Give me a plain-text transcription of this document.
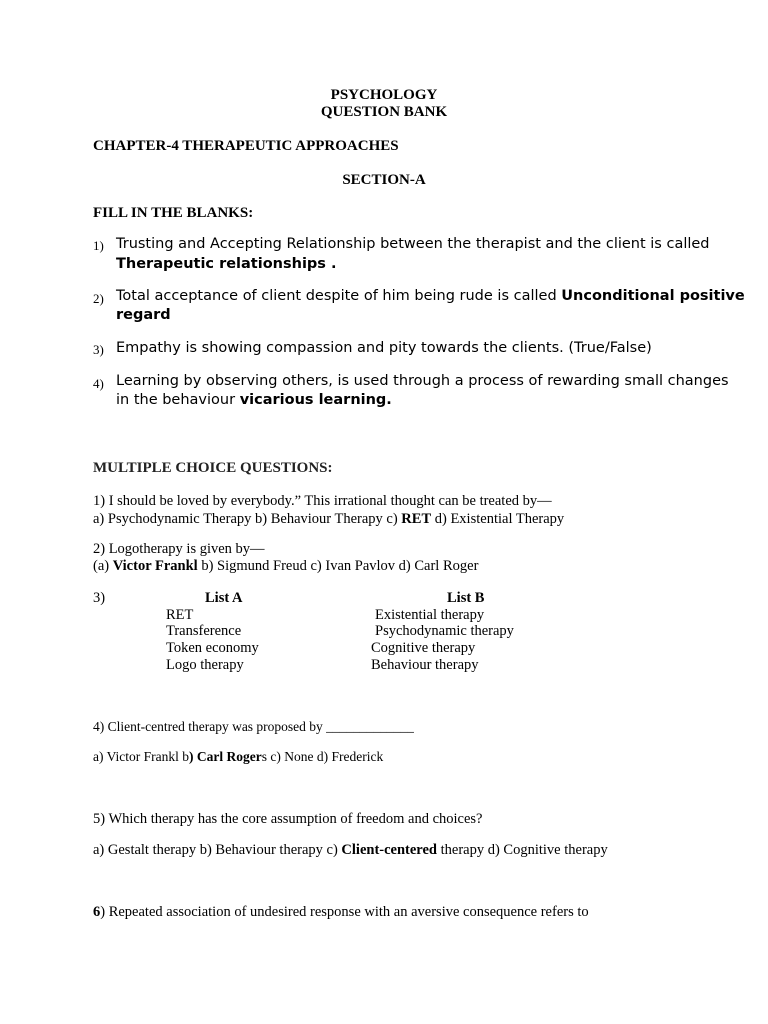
PSYCHOLOGY
QUESTION BANK
CHAPTER-4 THERAPEUTIC APPROACHES
SECTION-A
FILL IN THE BLANKS:
1) Trusting and Accepting Relationship between the therapist and the client is called
Therapeutic relationships .
2) Total acceptance of client despite of him being rude is called Unconditional positive
regard
3) Empathy is showing compassion and pity towards the clients. (True/False)
4) Learning by observing others, is used through a process of rewarding small changes
in the behaviour vicarious learning.
MULTIPLE CHOICE QUESTIONS:
1) I should be loved by everybody.” This irrational thought can be treated by—
a) Psychodynamic Therapy b) Behaviour Therapy c) RET d) Existential Therapy
2) Logotherapy is given by—
(a) Victor Frankl b) Sigmund Freud c) Ivan Pavlov d) Carl Roger
3)	List A	List B
RET
Transference
Token economy
Logo therapy
Existential therapy
Psychodynamic therapy
Cognitive therapy
Behaviour therapy
4) Client-centred therapy was proposed by _____________
a) Victor Frankl b) Carl Rogers c) None d) Frederick
5) Which therapy has the core assumption of freedom and choices?
a) Gestalt therapy b) Behaviour therapy c) Client-centered therapy d) Cognitive therapy
6) Repeated association of undesired response with an aversive consequence refers to
